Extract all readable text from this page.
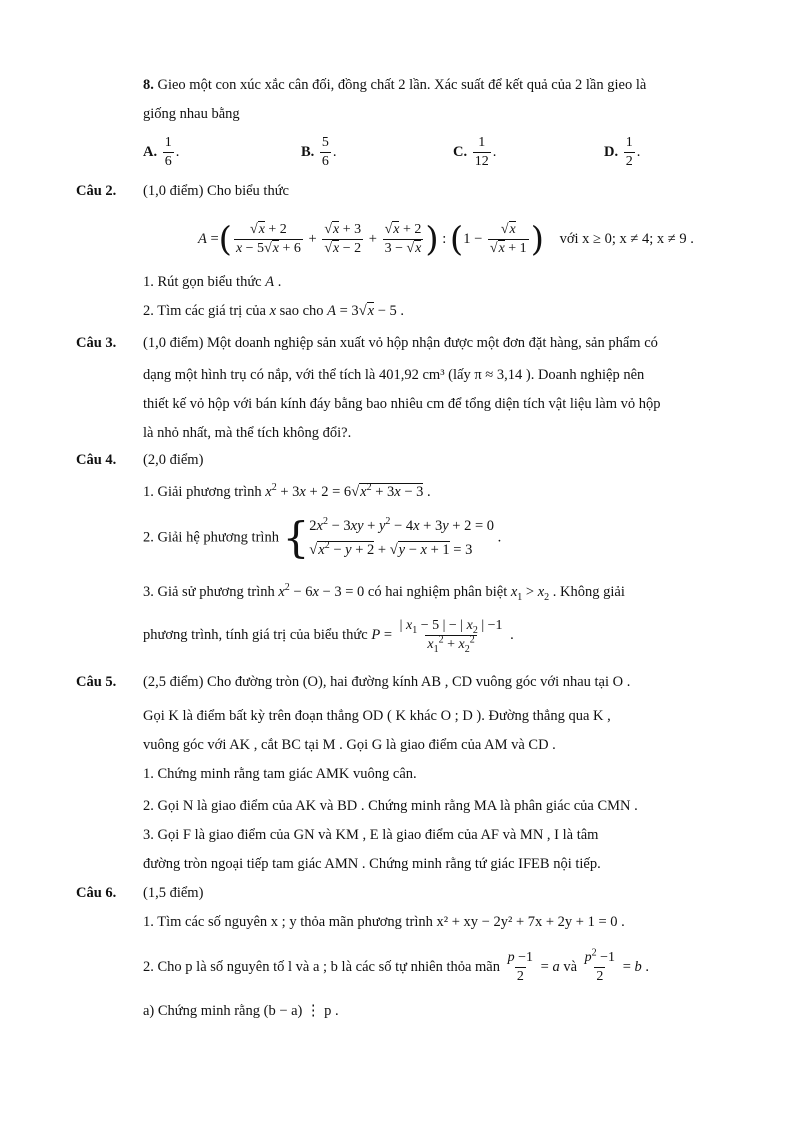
8. Gieo một con xúc xắc cân đối, đồng chất 2 lần. Xác suất để kết quả của 2 lần gieo là
giống nhau bằng
A. $\frac{1}{6}$ .	B. $\frac{5}{6}$ .	C. $\frac{1}{12}$ .	D. $\frac{1}{2}$ .
Câu 2. (1,0 điểm) Cho biểu thức
A =( $\frac{√x + 2}{x - 5√x + 6} + \frac{√x + 3}{√x - 2} + \frac{√x + 2}{3 - √x}$ ) : ($1 - \frac{√x}{√x + 1}$ ) với x ≥ 0; x ≠ 4; x ≠ 9 .
1. Rút gọn biểu thức A .
2. Tìm các giá trị của x sao cho A = 3√x − 5 .
Câu 3. (1,0 điểm) Một doanh nghiệp sản xuất vỏ hộp nhận được một đơn đặt hàng, sản phẩm có
dạng một hình trụ có nắp, với thể tích là 401,92 cm³ (lấy π ≈ 3,14 ). Doanh nghiệp nên
thiết kế vỏ hộp với bán kính đáy bằng bao nhiêu cm để tổng diện tích vật liệu làm vỏ hộp
là nhỏ nhất, mà thể tích không đổi?.
Câu 4. (2,0 điểm)
1. Giải phương trình $x^2 + 3x + 2 = 6√x^2 + 3x - 3$ .
2. Giải hệ phương trình { $2x^2 - 3xy + y^2 - 4x + 3y + 2 = 0$
$√x^2 - y + 2 + √y - x + 1 = 3$
.
3. Giả sử phương trình $x^2 - 6x - 3 = 0$ có hai nghiệm phân biệt $x_1 > x_2$ . Không giải
phương trình, tính giá trị của biểu thức $P = \frac{| x_1 - 5 | - | x_2 | -1}{x_1^2 + x_2^2}$ .
Câu 5. (2,5 điểm) Cho đường tròn (O), hai đường kính AB , CD vuông góc với nhau tại O .
Gọi K là điểm bất kỳ trên đoạn thẳng OD ( K khác O ; D ). Đường thẳng qua K ,
vuông góc với AK , cắt BC tại M . Gọi G là giao điểm của AM và CD .
1. Chứng minh rằng tam giác AMK vuông cân.
2. Gọi N là giao điểm của AK và BD . Chứng minh rằng MA là phân giác của CMN .
3. Gọi F là giao điểm của GN và KM , E là giao điểm của AF và MN , I là tâm
đường tròn ngoại tiếp tam giác AMN . Chứng minh rằng tứ giác IFEB nội tiếp.
Câu 6. (1,5 điểm)
1. Tìm các số nguyên x ; y thỏa mãn phương trình x² + xy − 2y² + 7x + 2y + 1 = 0 .
2. Cho p là số nguyên tố l và a ; b là các số tự nhiên thỏa mãn $\frac{p -1}{2} = a$ và $\frac{p^2 -1}{2} = b$ .
a) Chứng minh rằng (b − a) ⋮ p .
